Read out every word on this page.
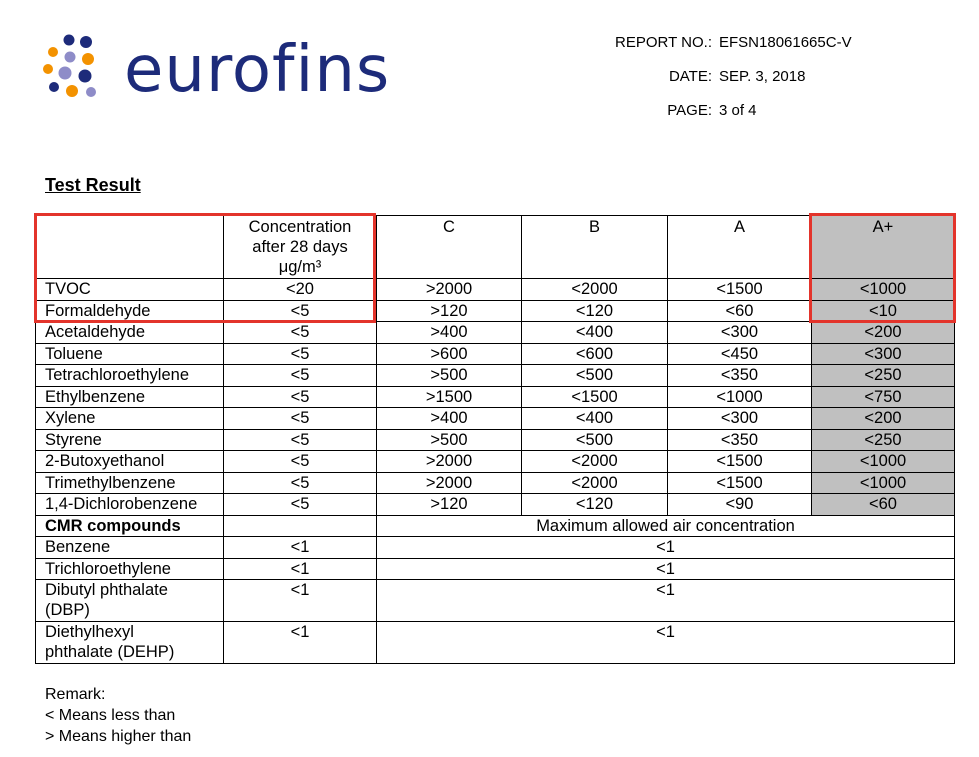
eurofins	REPORT NO.: EFSN18061665C-V
DATE: SEP. 3, 2018
PAGE: 3 of 4
Test Result

	Concentration
after 28 days
μg/m³	C	B	A	A+
TVOC	<20	>2000	<2000	<1500	<1000
Formaldehyde	<5	>120	<120	<60	<10
Acetaldehyde	<5	>400	<400	<300	<200
Toluene	<5	>600	<600	<450	<300
Tetrachloroethylene	<5	>500	<500	<350	<250
Ethylbenzene	<5	>1500	<1500	<1000	<750
Xylene	<5	>400	<400	<300	<200
Styrene	<5	>500	<500	<350	<250
2-Butoxyethanol	<5	>2000	<2000	<1500	<1000
Trimethylbenzene	<5	>2000	<2000	<1500	<1000
1,4-Dichlorobenzene	<5	>120	<120	<90	<60
CMR compounds		Maximum allowed air concentration			

Benzene	<1	<1			

Trichloroethylene	<1	<1			

Dibutyl phthalate
(DBP)	<1	<1			

Diethylhexyl
phthalate (DEHP)	<1	<1			
Remark:
< Means less than
> Means higher than
